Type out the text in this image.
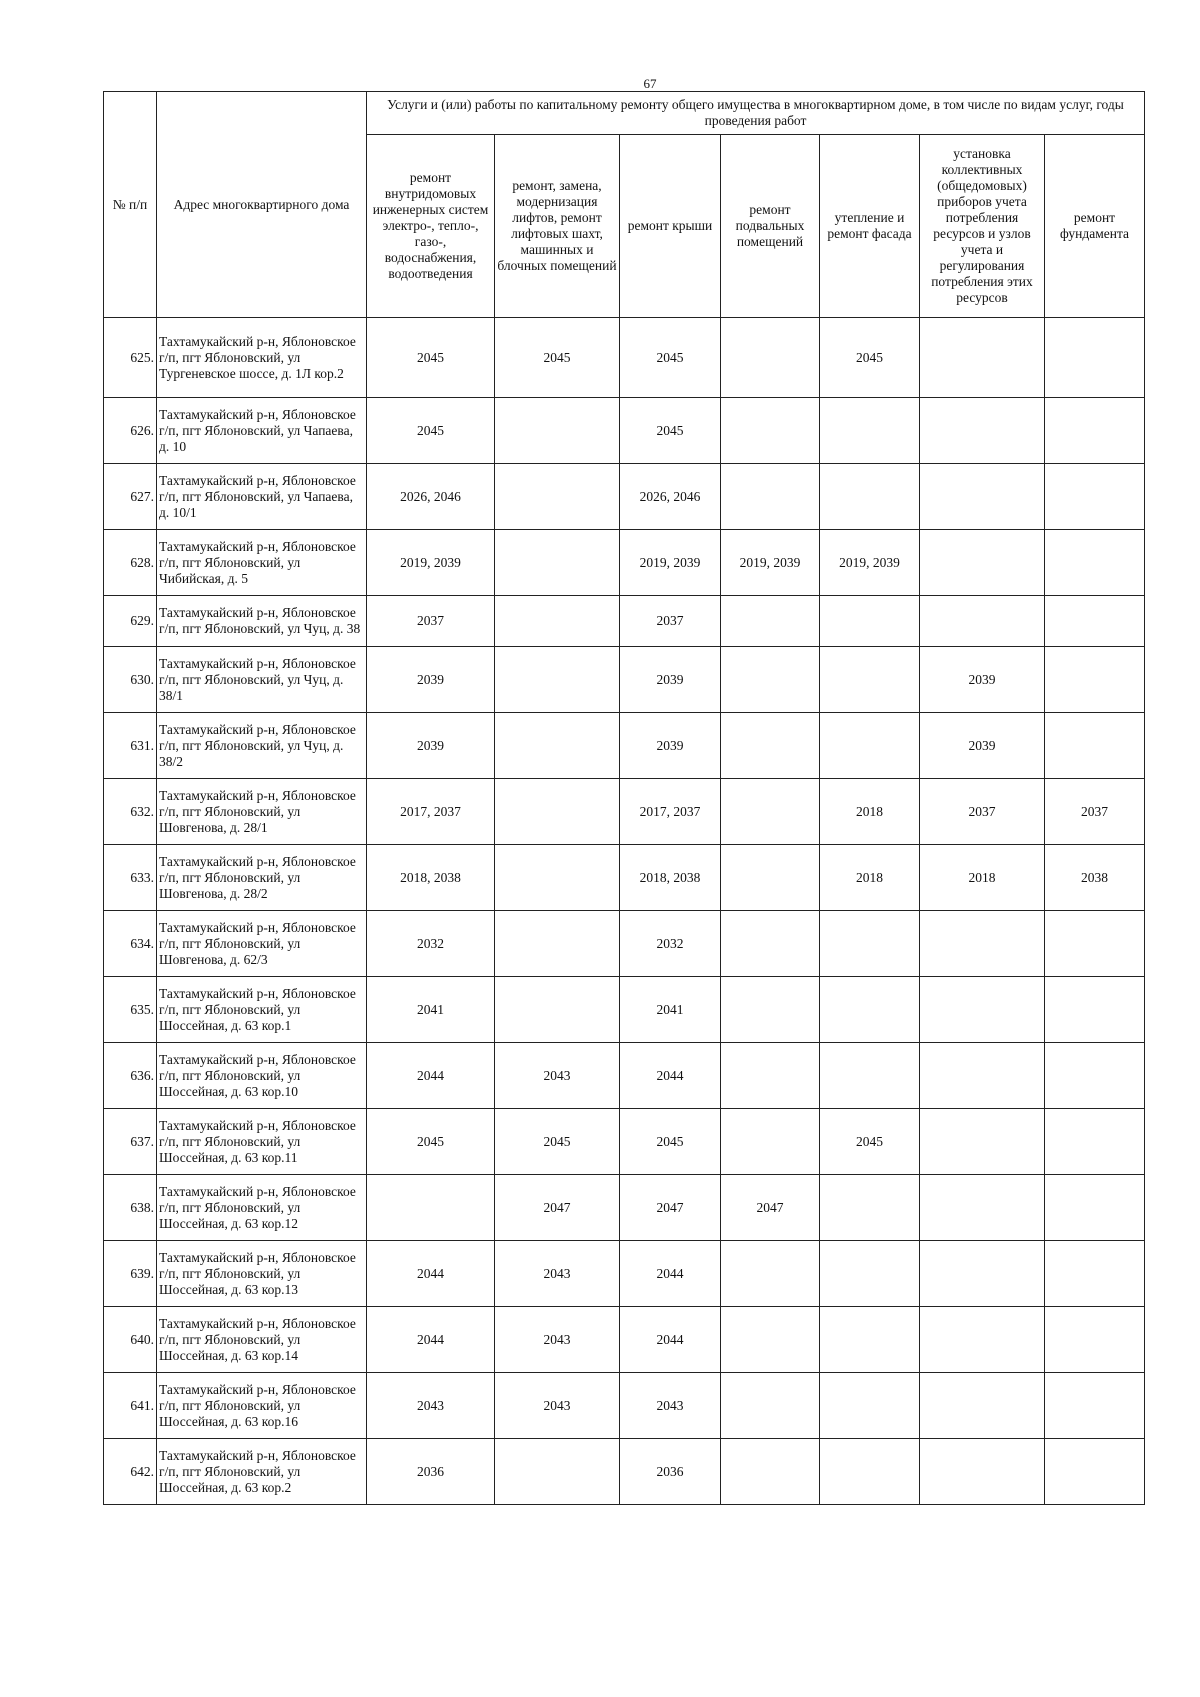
67
№ п/п	Адрес многоквартирного дома	Услуги и (или) работы по капитальному ремонту общего имущества в многоквартирном доме, в том числе по видам услуг, годы проведения работ						
		ремонт внутридомовых инженерных систем электро-, тепло-, газо-, водоснабжения, водоотведения	ремонт, замена, модернизация лифтов, ремонт лифтовых шахт, машинных и блочных помещений	ремонт крыши	ремонт подвальных помещений	утепление и ремонт фасада	установка коллективных (общедомовых) приборов учета потребления ресурсов и узлов учета и регулирования потребления этих ресурсов	ремонт фундамента
625.	Тахтамукайский р-н, Яблоновское г/п, пгт Яблоновский, ул Тургеневское шоссе, д. 1Л кор.2	2045	2045	2045		2045		
626.	Тахтамукайский р-н, Яблоновское г/п, пгт Яблоновский, ул Чапаева, д. 10	2045		2045				
627.	Тахтамукайский р-н, Яблоновское г/п, пгт Яблоновский, ул Чапаева, д. 10/1	2026, 2046		2026, 2046				
628.	Тахтамукайский р-н, Яблоновское г/п, пгт Яблоновский, ул Чибийская, д. 5	2019, 2039		2019, 2039	2019, 2039	2019, 2039		
629.	Тахтамукайский р-н, Яблоновское г/п, пгт Яблоновский, ул Чуц, д. 38	2037		2037				
630.	Тахтамукайский р-н, Яблоновское г/п, пгт Яблоновский, ул Чуц, д. 38/1	2039		2039			2039	
631.	Тахтамукайский р-н, Яблоновское г/п, пгт Яблоновский, ул Чуц, д. 38/2	2039		2039			2039	
632.	Тахтамукайский р-н, Яблоновское г/п, пгт Яблоновский, ул Шовгенова, д. 28/1	2017, 2037		2017, 2037		2018	2037	2037
633.	Тахтамукайский р-н, Яблоновское г/п, пгт Яблоновский, ул Шовгенова, д. 28/2	2018, 2038		2018, 2038		2018	2018	2038
634.	Тахтамукайский р-н, Яблоновское г/п, пгт Яблоновский, ул Шовгенова, д. 62/3	2032		2032				
635.	Тахтамукайский р-н, Яблоновское г/п, пгт Яблоновский, ул Шоссейная, д. 63 кор.1	2041		2041				
636.	Тахтамукайский р-н, Яблоновское г/п, пгт Яблоновский, ул Шоссейная, д. 63 кор.10	2044	2043	2044				
637.	Тахтамукайский р-н, Яблоновское г/п, пгт Яблоновский, ул Шоссейная, д. 63 кор.11	2045	2045	2045		2045		
638.	Тахтамукайский р-н, Яблоновское г/п, пгт Яблоновский, ул Шоссейная, д. 63 кор.12		2047	2047	2047			
639.	Тахтамукайский р-н, Яблоновское г/п, пгт Яблоновский, ул Шоссейная, д. 63 кор.13	2044	2043	2044				
640.	Тахтамукайский р-н, Яблоновское г/п, пгт Яблоновский, ул Шоссейная, д. 63 кор.14	2044	2043	2044				
641.	Тахтамукайский р-н, Яблоновское г/п, пгт Яблоновский, ул Шоссейная, д. 63 кор.16	2043	2043	2043				
642.	Тахтамукайский р-н, Яблоновское г/п, пгт Яблоновский, ул Шоссейная, д. 63 кор.2	2036		2036				
